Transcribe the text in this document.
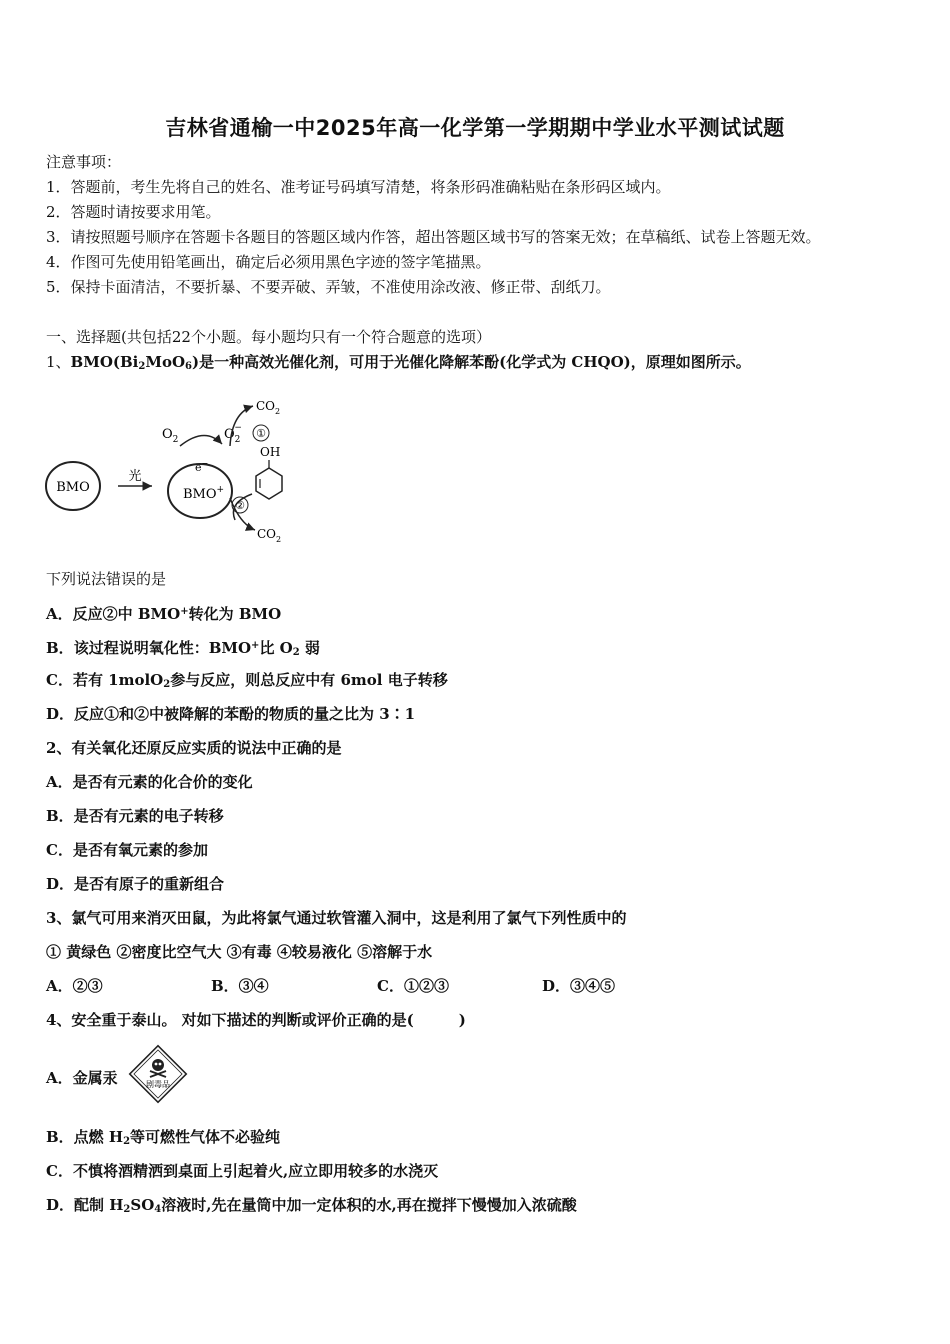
吉林省通榆一中2025年高一化学第一学期期中学业水平测试试题
注意事项：
1．答题前，考生先将自己的姓名、准考证号码填写清楚，将条形码准确粘贴在条形码区域内。
2．答题时请按要求用笔。
3．请按照题号顺序在答题卡各题目的答题区域内作答，超出答题区域书写的答案无效；在草稿纸、试卷上答题无效。
4．作图可先使用铅笔画出，确定后必须用黑色字迹的签字笔描黑。
5．保持卡面清洁，不要折暴、不要弄破、弄皱，不准使用涂改液、修正带、刮纸刀。
一、选择题(共包括22个小题。每小题均只有一个符合题意的选项）
1、$BMO(Bi_2MoO_6)$是一种高效光催化剂，可用于光催化降解苯酚(化学式为 CHQO)，原理如图所示。
BMO
光
BMO+
e−
$O_2$	$O_2-$
$CO_2$
①
OH
②
$CO_2$
下列说法错误的是
A．反应②中 BMO+转化为 BMO
B．该过程说明氧化性：BMO+比 $O_2$ 弱
C．若有 1molO$_2$参与反应，则总反应中有 6mol 电子转移
D．反应①和②中被降解的苯酚的物质的量之比为 3∶1
2、有关氧化还原反应实质的说法中正确的是
A．是否有元素的化合价的变化
B．是否有元素的电子转移
C．是否有氧元素的参加
D．是否有原子的重新组合
3、氯气可用来消灭田鼠，为此将氯气通过软管灌入洞中，这是利用了氯气下列性质中的
① 黄绿色 ②密度比空气大 ③有毒 ④较易液化 ⑤溶解于水
A．②③	B．③④	C．①②③	D．③④⑤
4、安全重于泰山。 对如下描述的判断或评价正确的是(　　　)
A．金属汞	剧毒品
B．点燃 $H_2$等可燃性气体不必验纯
C．不慎将酒精洒到桌面上引起着火,应立即用较多的水浇灭
D．配制 $H_2SO_4$溶液时,先在量筒中加一定体积的水,再在搅拌下慢慢加入浓硫酸
